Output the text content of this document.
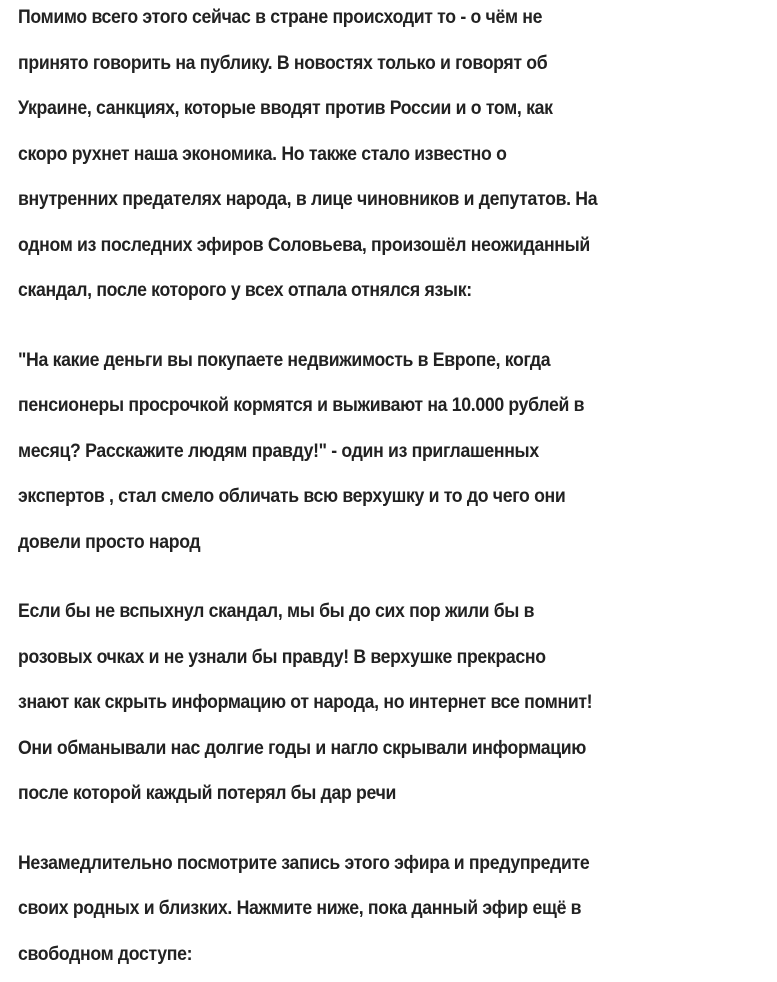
Помимо всего этого сейчас в стране происходит то - о чём не
принято говорить на публику. В новостях только и говорят об
Украине, санкциях, которые вводят против России и о том, как
скоро рухнет наша экономика. Но также стало известно о
внутренних предателях народа, в лице чиновников и депутатов. На
одном из последних эфиров Соловьева, произошёл неожиданный
скандал, после которого у всех отпала отнялся язык:
"На какие деньги вы покупаете недвижимость в Европе, когда
пенсионеры просрочкой кормятся и выживают на 10.000 рублей в
месяц? Расскажите людям правду!" - один из приглашенных
экспертов , стал смело обличать всю верхушку и то до чего они
довели просто народ
Если бы не вспыхнул скандал, мы бы до сих пор жили бы в
розовых очках и не узнали бы правду! В верхушке прекрасно
знают как скрыть информацию от народа, но интернет все помнит!
Они обманывали нас долгие годы и нагло скрывали информацию
после которой каждый потерял бы дар речи
Незамедлительно посмотрите запись этого эфира и предупредите
своих родных и близких. Нажмите ниже, пока данный эфир ещё в
свободном доступе:
